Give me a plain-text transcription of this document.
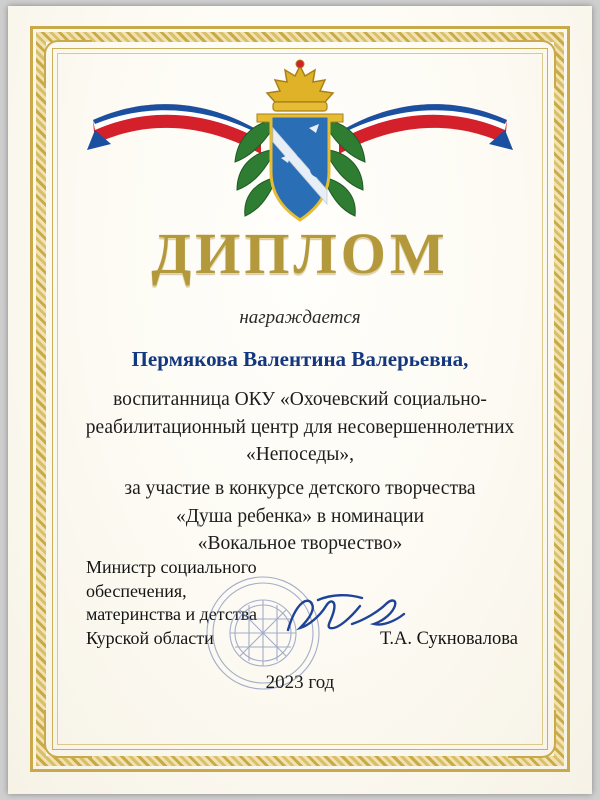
ДИПЛОМ
награждается
Пермякова Валентина Валерьевна,
воспитанница ОКУ «Охочевский социально-
реабилитационный центр для несовершеннолетних
«Непоседы»,
за участие в конкурсе детского творчества
«Душа ребенка» в номинации
«Вокальное творчество»
Министр социального
обеспечения,
материнства и детства
Курской области	Т.А. Сукновалова
2023 год
